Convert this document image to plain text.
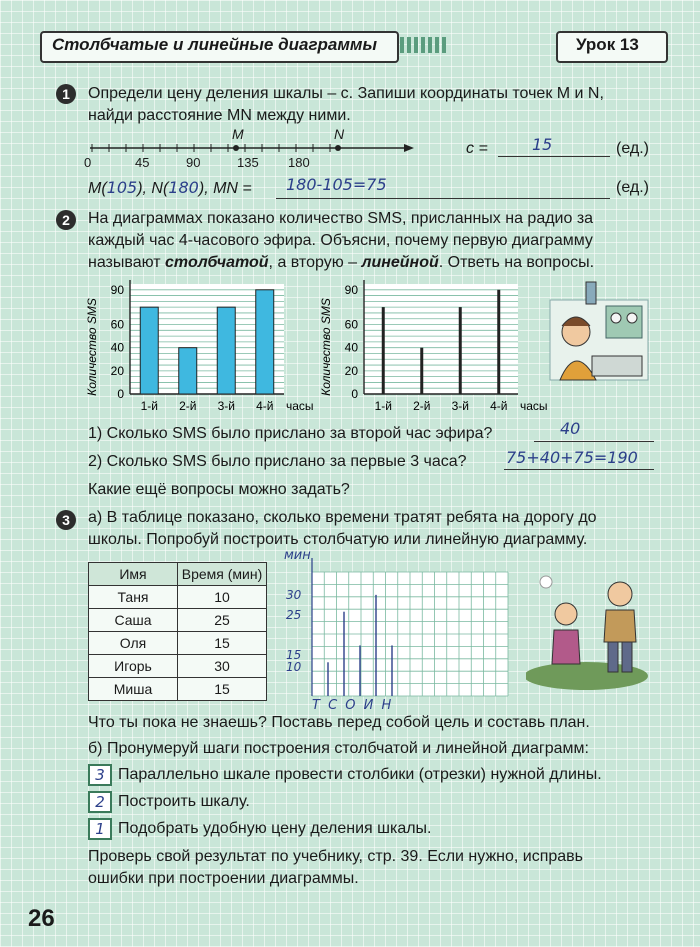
Столбчатые и линейные диаграммы	Урок 13
1	Определи цену деления шкалы – c. Запиши координаты точек M и N,
найди расстояние MN между ними.
M	N
0	45	90	135 180
c =	15	(ед.)
M(105), N(180), MN = 180-105=75	(ед.)
2	На диаграммах показано количество SMS, присланных на радио за
каждый час 4-часового эфира. Объясни, почему первую диаграмму
называют столбчатой, а вторую – линейной. Ответь на вопросы.
0
20
40
60
90
Количество SMS
1-й 2-й 3-й 4-й часы
0
20
40
60
90
Количество SMS
1-й 2-й 3-й 4-й часы
1) Сколько SMS было прислано за второй час эфира?	40
2) Сколько SMS было прислано за первые 3 часа? 75+40+75=190
Какие ещё вопросы можно задать?
3	а) В таблице показано, сколько времени тратят ребята на дорогу до
школы. Попробуй построить столбчатую или линейную диаграмму.
Имя	Время (мин)
Таня	10
Саша	25
Оля	15
Игорь	30
Миша	15
мин
30
25
15
10
Т С О И Н
Что ты пока не знаешь? Поставь перед собой цель и составь план.
б) Пронумеруй шаги построения столбчатой и линейной диаграмм:
3 Параллельно шкале провести столбики (отрезки) нужной длины.
2 Построить шкалу.
1 Подобрать удобную цену деления шкалы.
Проверь свой результат по учебнику, стр. 39. Если нужно, исправь
ошибки при построении диаграммы.
26
